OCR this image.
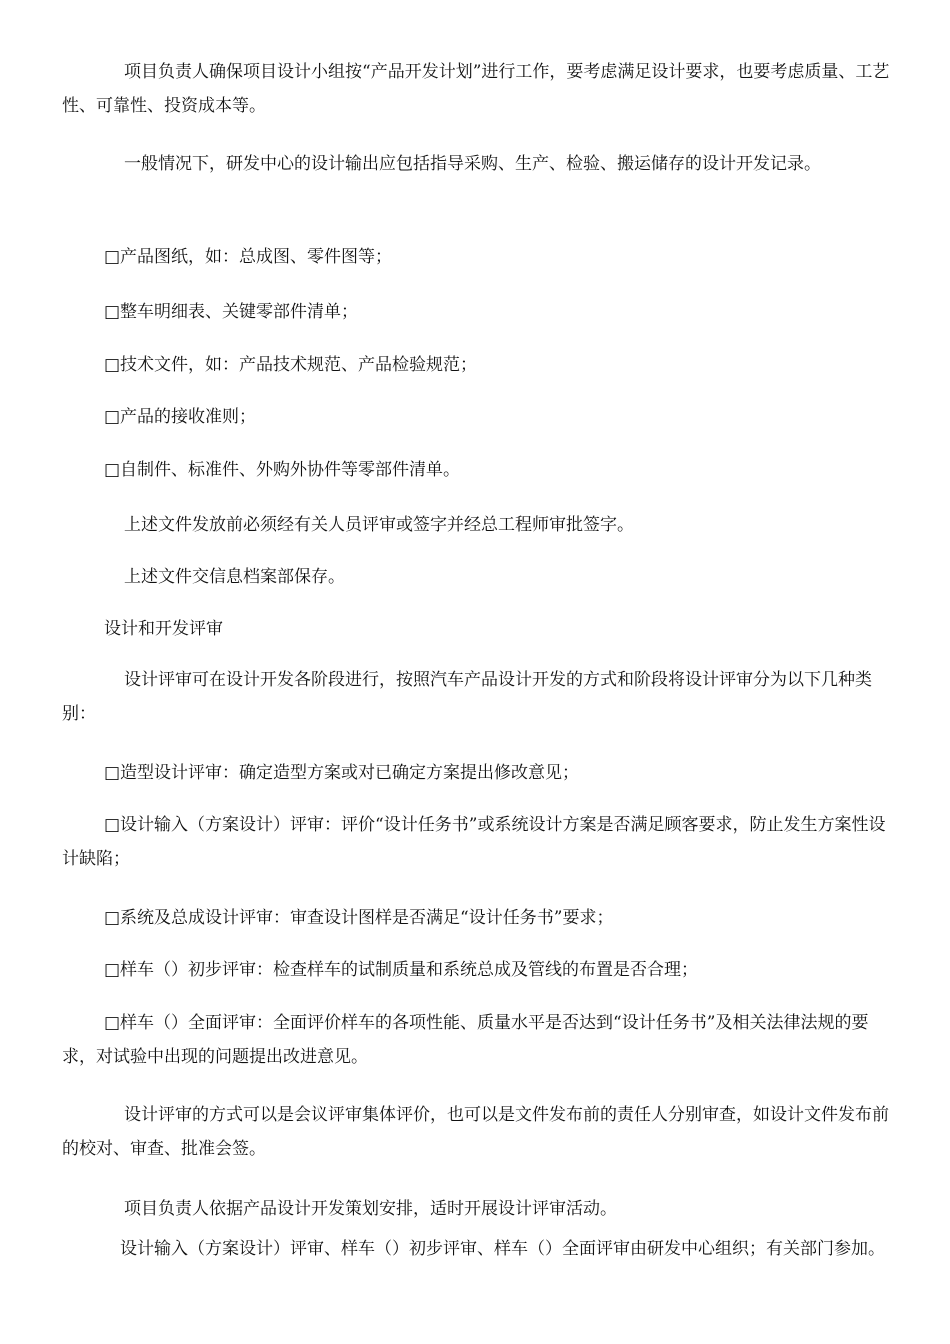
项目负责人确保项目设计小组按“产品开发计划”进行工作，要考虑满足设计要求，也要考虑质量、工艺性、可靠性、投资成本等。

一般情况下，研发中心的设计输出应包括指导采购、生产、检验、搬运储存的设计开发记录。

□产品图纸，如：总成图、零件图等；

□整车明细表、关键零部件清单；

□技术文件，如：产品技术规范、产品检验规范；

□产品的接收准则；

□自制件、标准件、外购外协件等零部件清单。

上述文件发放前必须经有关人员评审或签字并经总工程师审批签字。

上述文件交信息档案部保存。

设计和开发评审

设计评审可在设计开发各阶段进行，按照汽车产品设计开发的方式和阶段将设计评审分为以下几种类别：

□造型设计评审：确定造型方案或对已确定方案提出修改意见；

□设计输入（方案设计）评审：评价“设计任务书”或系统设计方案是否满足顾客要求，防止发生方案性设计缺陷；

□系统及总成设计评审：审查设计图样是否满足“设计任务书”要求；

□样车（）初步评审：检查样车的试制质量和系统总成及管线的布置是否合理；

□样车（）全面评审：全面评价样车的各项性能、质量水平是否达到“设计任务书”及相关法律法规的要求，对试验中出现的问题提出改进意见。

设计评审的方式可以是会议评审集体评价，也可以是文件发布前的责任人分别审查，如设计文件发布前的校对、审查、批准会签。

项目负责人依据产品设计开发策划安排，适时开展设计评审活动。

设计输入（方案设计）评审、样车（）初步评审、样车（）全面评审由研发中心组织；有关部门参加。
